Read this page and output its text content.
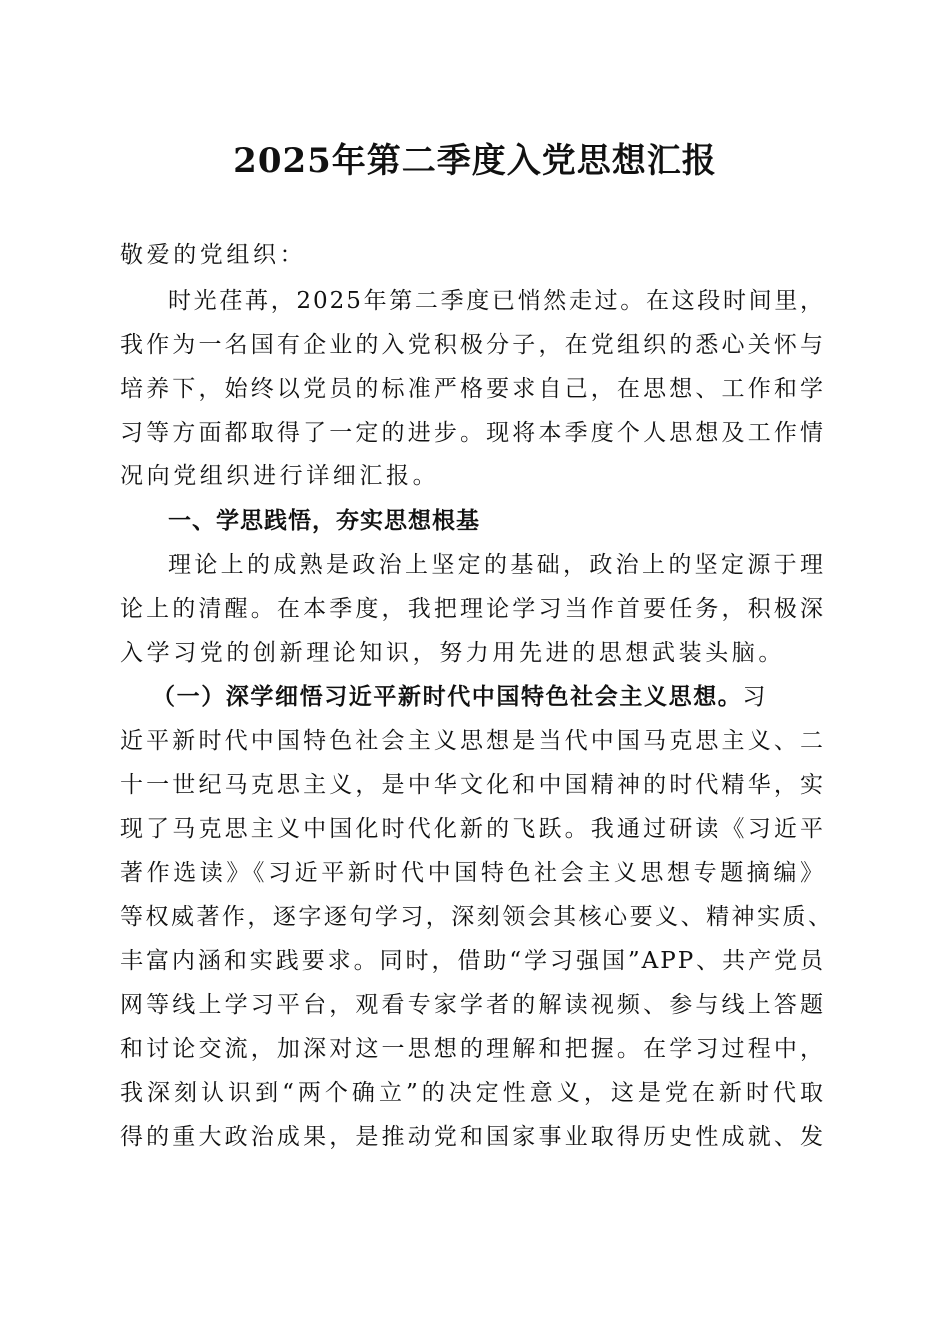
2025年第二季度入党思想汇报
敬爱的党组织：
时光荏苒，2025年第二季度已悄然走过。在这段时间里，
我作为一名国有企业的入党积极分子，在党组织的悉心关怀与
培养下，始终以党员的标准严格要求自己，在思想、工作和学
习等方面都取得了一定的进步。现将本季度个人思想及工作情
况向党组织进行详细汇报。
一、学思践悟，夯实思想根基
理论上的成熟是政治上坚定的基础，政治上的坚定源于理
论上的清醒。在本季度，我把理论学习当作首要任务，积极深
入学习党的创新理论知识，努力用先进的思想武装头脑。
（一）深学细悟习近平新时代中国特色社会主义思想。习
近平新时代中国特色社会主义思想是当代中国马克思主义、二
十一世纪马克思主义，是中华文化和中国精神的时代精华，实
现了马克思主义中国化时代化新的飞跃。我通过研读《习近平
著作选读》《习近平新时代中国特色社会主义思想专题摘编》
等权威著作，逐字逐句学习，深刻领会其核心要义、精神实质、
丰富内涵和实践要求。同时，借助“学习强国”APP、共产党员
网等线上学习平台，观看专家学者的解读视频、参与线上答题
和讨论交流，加深对这一思想的理解和把握。在学习过程中，
我深刻认识到“两个确立”的决定性意义，这是党在新时代取
得的重大政治成果，是推动党和国家事业取得历史性成就、发
